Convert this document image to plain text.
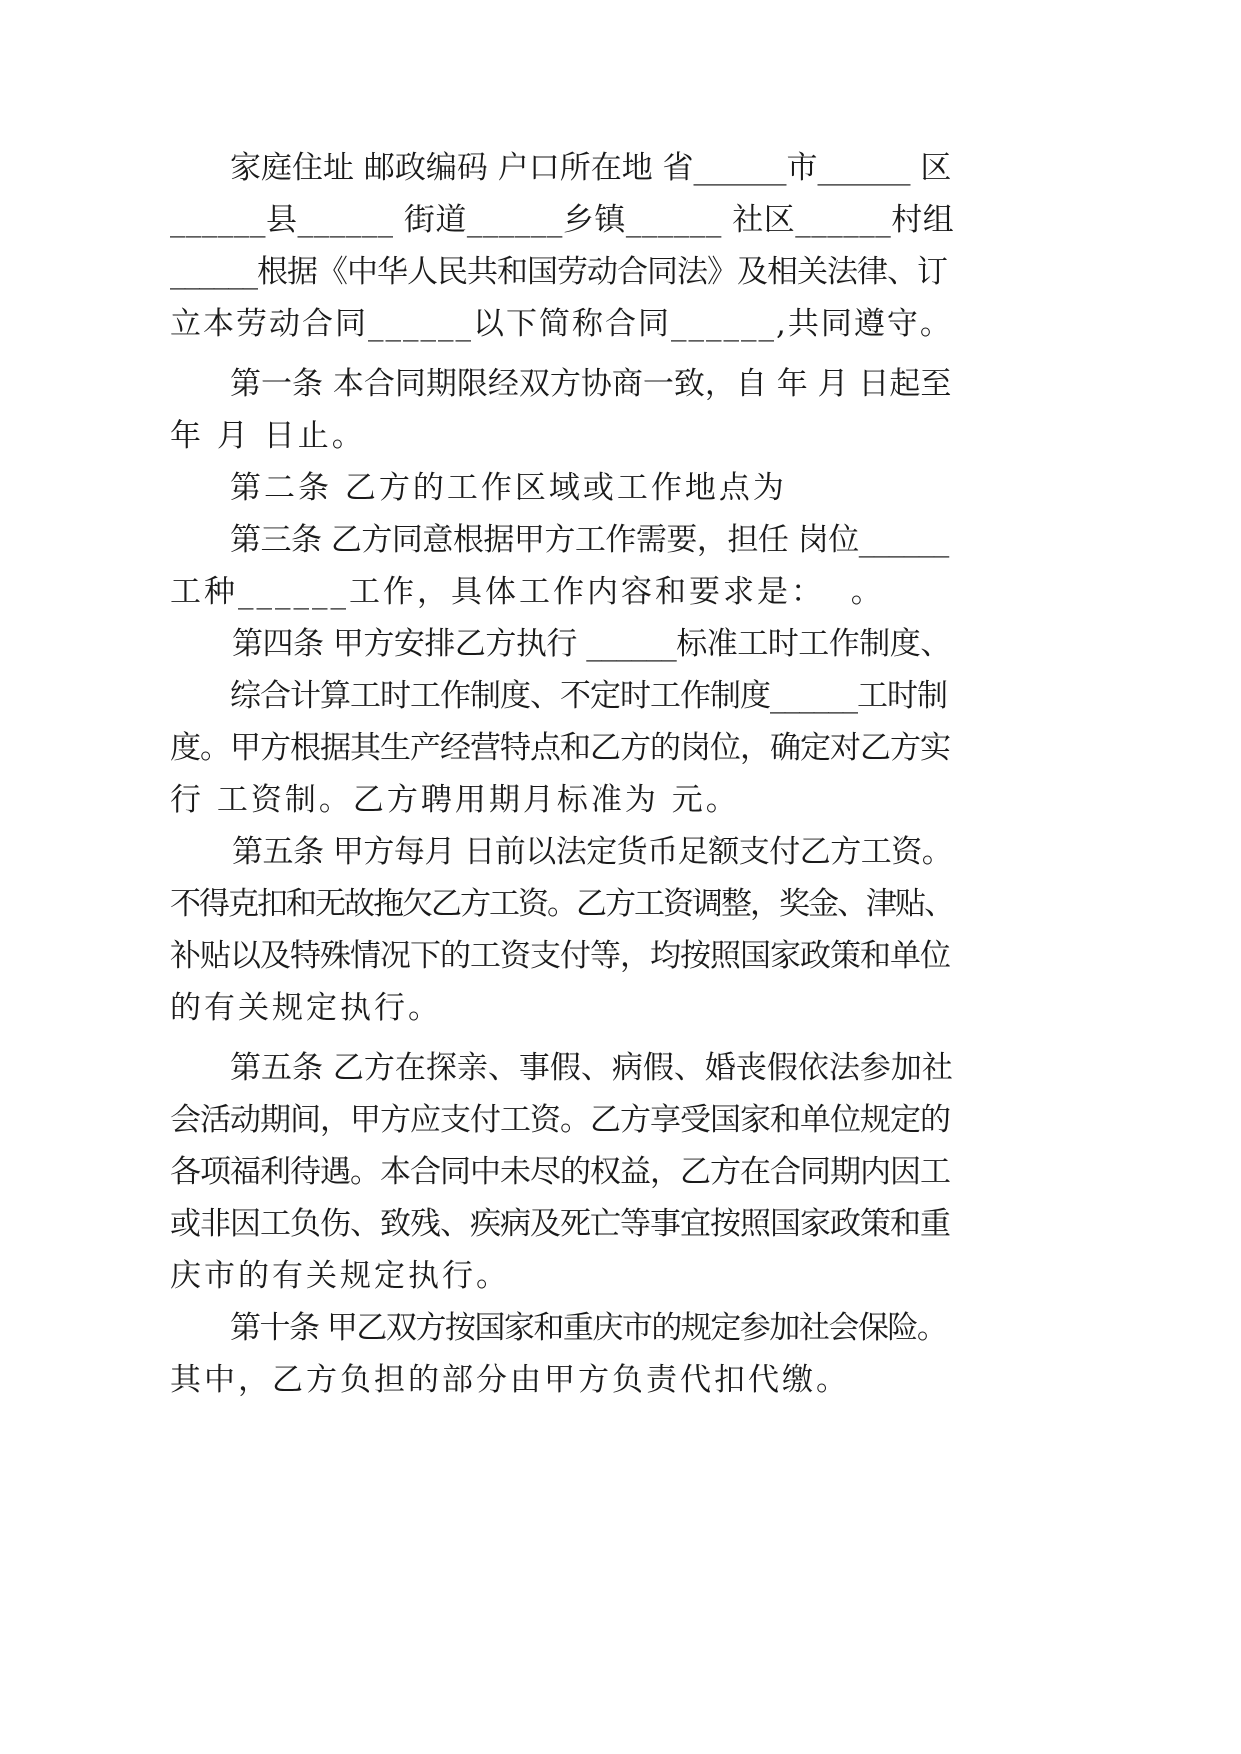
家庭住址 邮政编码 户口所在地 省______市______ 区

______县______ 街道______乡镇______ 社区______村组

______根据《中华人民共和国劳动合同法》及相关法律、订

立本劳动合同______以下简称合同______,共同遵守。

第一条 本合同期限经双方协商一致，自 年 月 日起至

年 月 日止。

第二条 乙方的工作区域或工作地点为

第三条 乙方同意根据甲方工作需要，担任 岗位______

工种______工作，具体工作内容和要求是：  。

第四条 甲方安排乙方执行 ______标准工时工作制度、

综合计算工时工作制度、不定时工作制度______工时制

度。甲方根据其生产经营特点和乙方的岗位，确定对乙方实

行 工资制。乙方聘用期月标准为 元。

第五条 甲方每月 日前以法定货币足额支付乙方工资。

不得克扣和无故拖欠乙方工资。乙方工资调整，奖金、津贴、

补贴以及特殊情况下的工资支付等，均按照国家政策和单位

的有关规定执行。

第五条 乙方在探亲、事假、病假、婚丧假依法参加社

会活动期间，甲方应支付工资。乙方享受国家和单位规定的

各项福利待遇。本合同中未尽的权益，乙方在合同期内因工

或非因工负伤、致残、疾病及死亡等事宜按照国家政策和重

庆市的有关规定执行。

第十条 甲乙双方按国家和重庆市的规定参加社会保险。

其中，乙方负担的部分由甲方负责代扣代缴。
